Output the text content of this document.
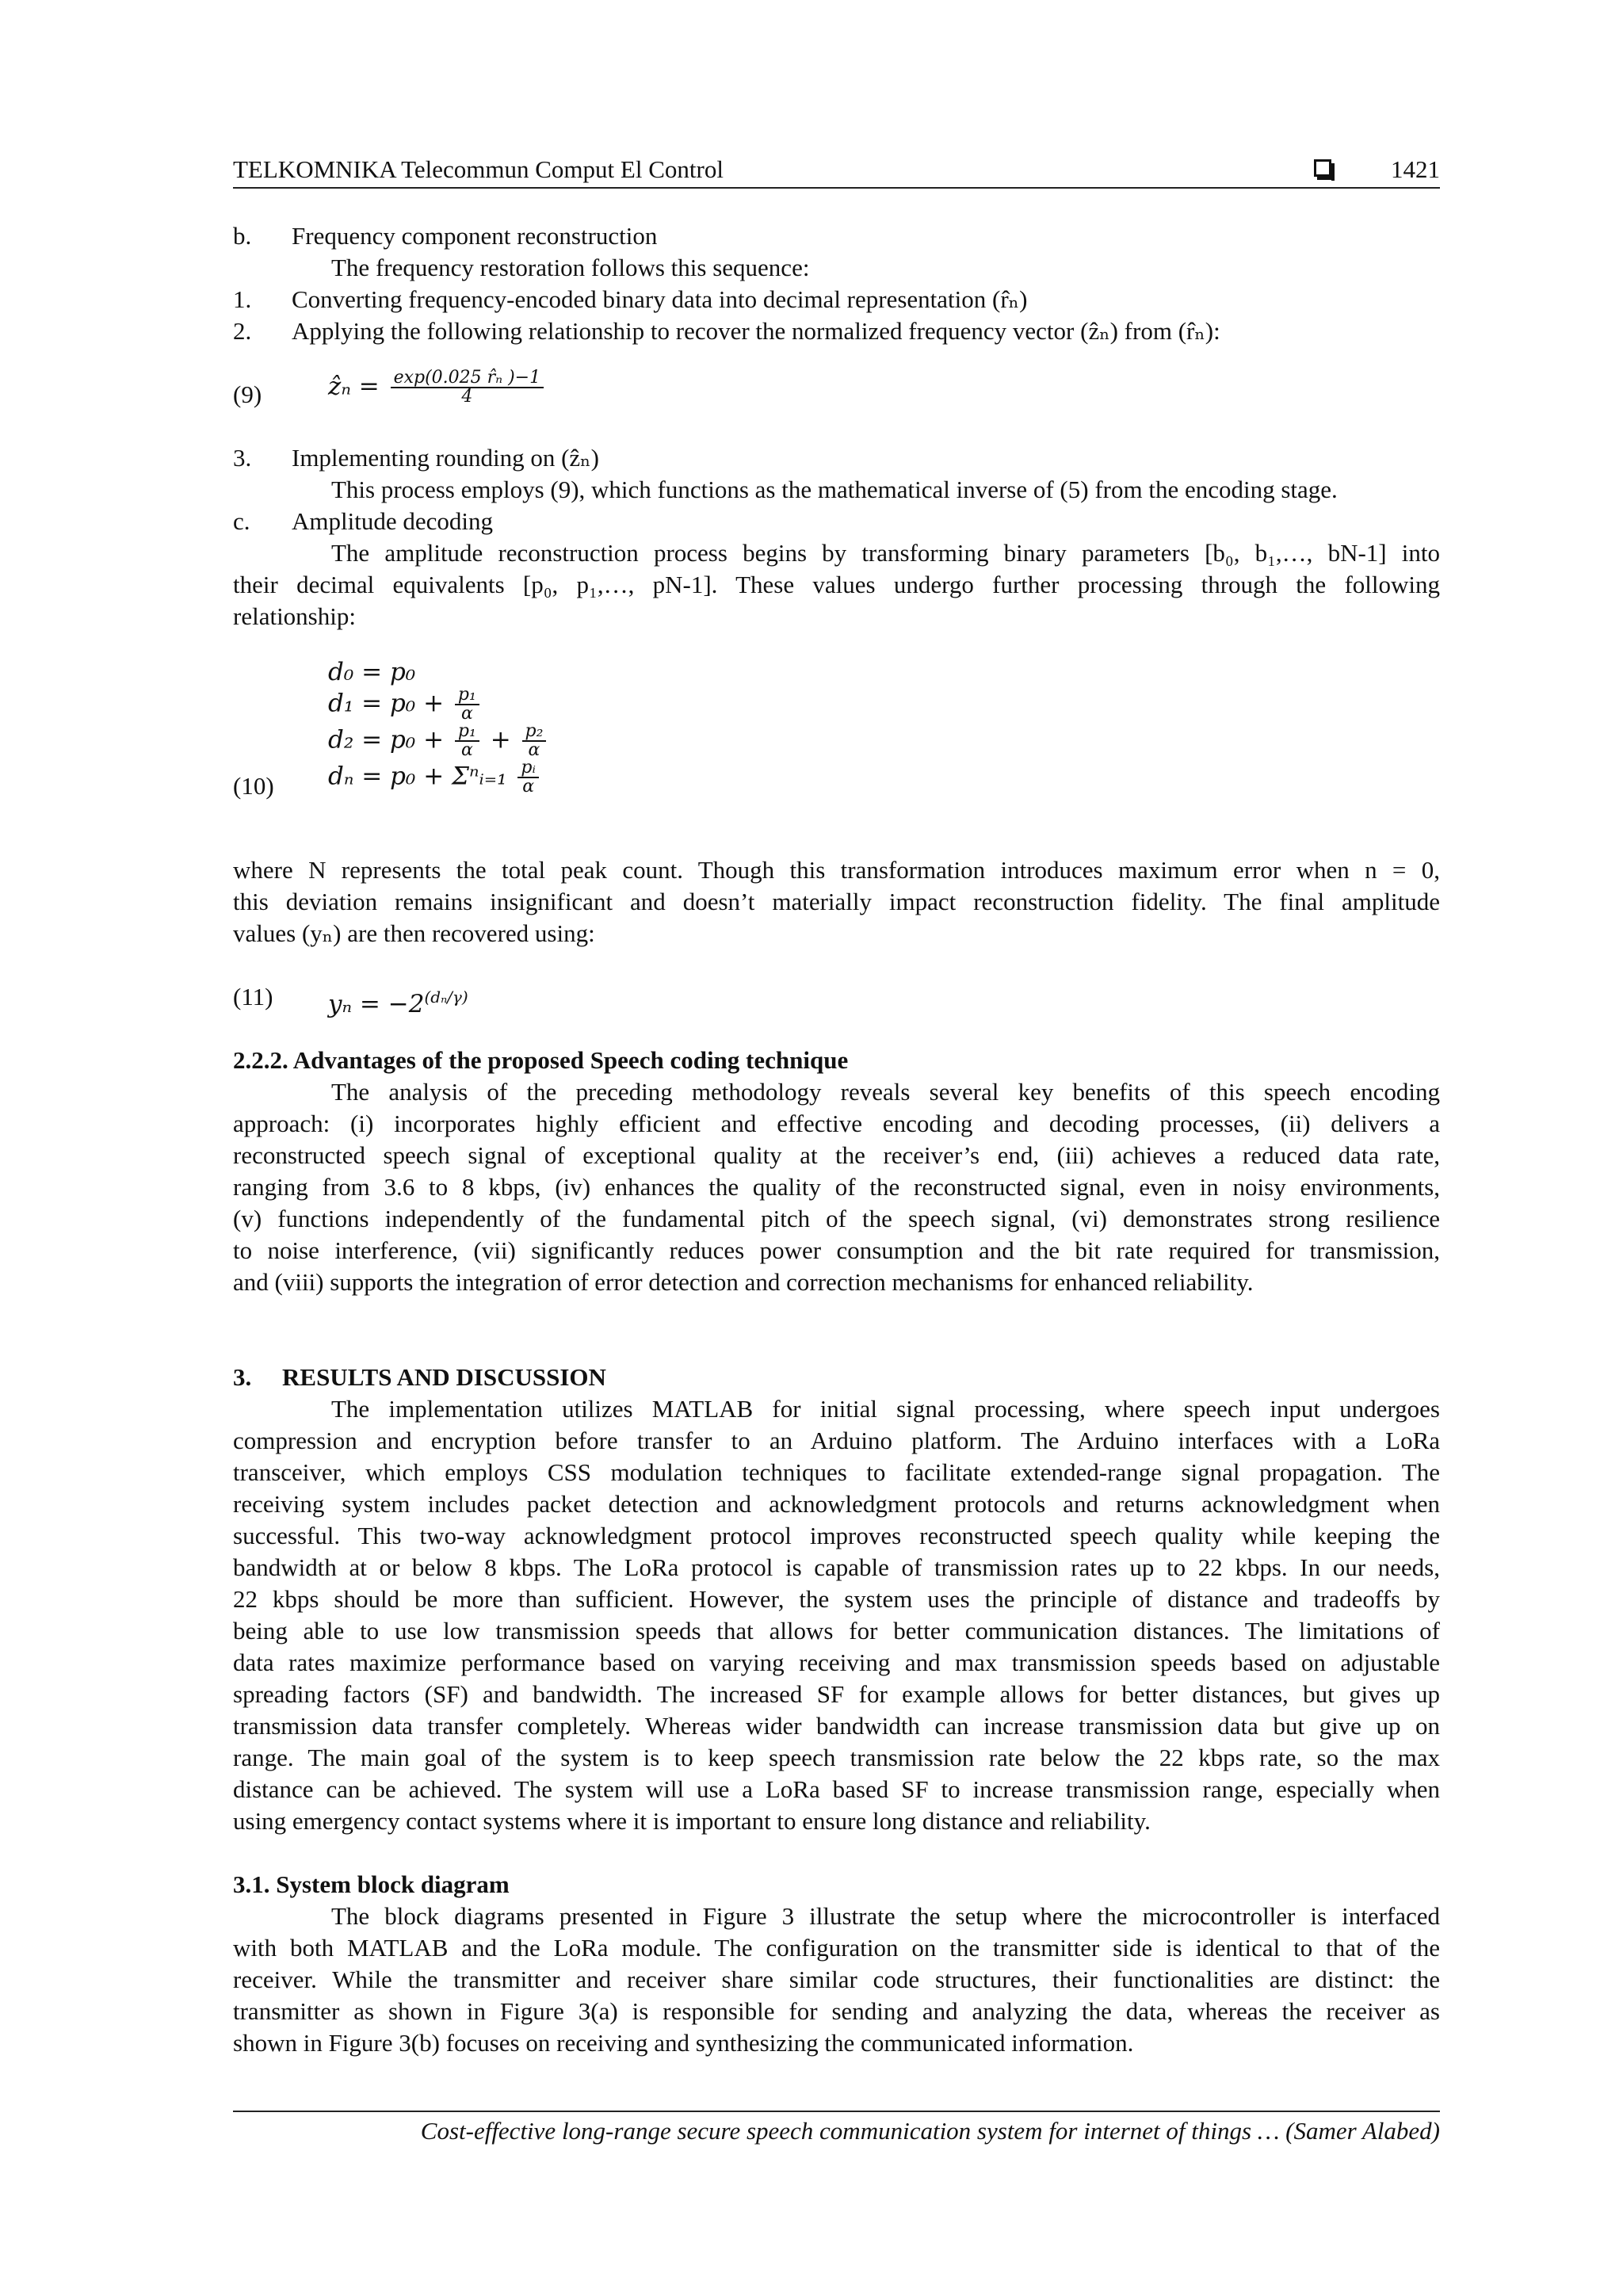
TELKOMNIKA Telecommun Comput El Control	1421
b. Frequency component reconstruction
The frequency restoration follows this sequence:
1. Converting frequency-encoded binary data into decimal representation (r̂ₙ)
2. Applying the following relationship to recover the normalized frequency vector (ẑₙ) from (r̂ₙ):
ẑₙ = $\frac{\text{exp(0.025 r̂ₙ )−1}}{4}$
(9)
3. Implementing rounding on (ẑₙ)
This process employs (9), which functions as the mathematical inverse of (5) from the encoding stage.
c. Amplitude decoding
The amplitude reconstruction process begins by transforming binary parameters [b₀, b₁,…, bN-1] into
their decimal equivalents [p₀, p₁,…, pN-1]. These values undergo further processing through the following
relationship:
d₀ = p₀
$d_1 = p_0 + \frac{\text{p₁}}{\alpha}$
$d_2 = p_0 + \frac{\text{p₁}}{\alpha} + \frac{\text{p₂}}{\alpha}$
dₙ = p₀ + Σⁿᵢ₌₁ $\frac{\text{pᵢ}}{\alpha}$
(10)
where N represents the total peak count. Though this transformation introduces maximum error when n = 0,
this deviation remains insignificant and doesn’t materially impact reconstruction fidelity. The final amplitude
values (yₙ) are then recovered using:
$y_n = -2^{(d_n/\gamma)}$
(11)
2.2.2. Advantages of the proposed Speech coding technique
The analysis of the preceding methodology reveals several key benefits of this speech encoding
approach: (i) incorporates highly efficient and effective encoding and decoding processes, (ii) delivers a
reconstructed speech signal of exceptional quality at the receiver’s end, (iii) achieves a reduced data rate,
ranging from 3.6 to 8 kbps, (iv) enhances the quality of the reconstructed signal, even in noisy environments,
(v) functions independently of the fundamental pitch of the speech signal, (vi) demonstrates strong resilience
to noise interference, (vii) significantly reduces power consumption and the bit rate required for transmission,
and (viii) supports the integration of error detection and correction mechanisms for enhanced reliability.
3. RESULTS AND DISCUSSION
The implementation utilizes MATLAB for initial signal processing, where speech input undergoes
compression and encryption before transfer to an Arduino platform. The Arduino interfaces with a LoRa
transceiver, which employs CSS modulation techniques to facilitate extended-range signal propagation. The
receiving system includes packet detection and acknowledgment protocols and returns acknowledgment when
successful. This two-way acknowledgment protocol improves reconstructed speech quality while keeping the
bandwidth at or below 8 kbps. The LoRa protocol is capable of transmission rates up to 22 kbps. In our needs,
22 kbps should be more than sufficient. However, the system uses the principle of distance and tradeoffs by
being able to use low transmission speeds that allows for better communication distances. The limitations of
data rates maximize performance based on varying receiving and max transmission speeds based on adjustable
spreading factors (SF) and bandwidth. The increased SF for example allows for better distances, but gives up
transmission data transfer completely. Whereas wider bandwidth can increase transmission data but give up on
range. The main goal of the system is to keep speech transmission rate below the 22 kbps rate, so the max
distance can be achieved. The system will use a LoRa based SF to increase transmission range, especially when
using emergency contact systems where it is important to ensure long distance and reliability.
3.1. System block diagram
The block diagrams presented in Figure 3 illustrate the setup where the microcontroller is interfaced
with both MATLAB and the LoRa module. The configuration on the transmitter side is identical to that of the
receiver. While the transmitter and receiver share similar code structures, their functionalities are distinct: the
transmitter as shown in Figure 3(a) is responsible for sending and analyzing the data, whereas the receiver as
shown in Figure 3(b) focuses on receiving and synthesizing the communicated information.
Cost-effective long-range secure speech communication system for internet of things … (Samer Alabed)
